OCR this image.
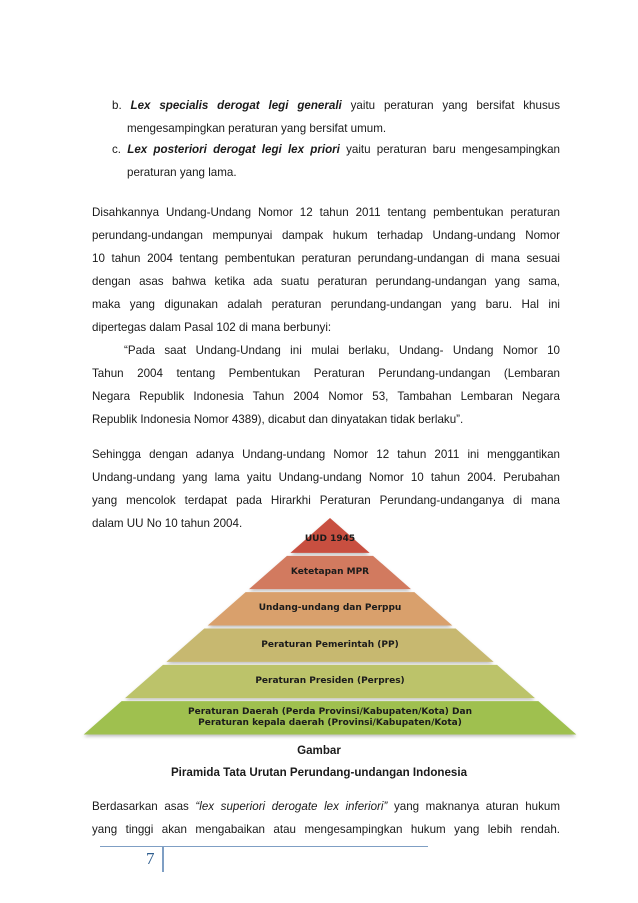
b. Lex specialis derogat legi generali yaitu peraturan yang bersifat khusus
mengesampingkan peraturan yang bersifat umum.
c. Lex posteriori derogat legi lex priori yaitu peraturan baru mengesampingkan
peraturan yang lama.
Disahkannya Undang-Undang Nomor 12 tahun 2011 tentang pembentukan peraturan
perundang-undangan mempunyai dampak hukum terhadap Undang-undang Nomor
10 tahun 2004 tentang pembentukan peraturan perundang-undangan di mana sesuai
dengan asas bahwa ketika ada suatu peraturan perundang-undangan yang sama,
maka yang digunakan adalah peraturan perundang-undangan yang baru. Hal ini
dipertegas dalam Pasal 102 di mana berbunyi:
“Pada saat Undang-Undang ini mulai berlaku, Undang- Undang Nomor 10
Tahun 2004 tentang Pembentukan Peraturan Perundang-undangan (Lembaran
Negara Republik Indonesia Tahun 2004 Nomor 53, Tambahan Lembaran Negara
Republik Indonesia Nomor 4389), dicabut dan dinyatakan tidak berlaku”.
Sehingga dengan adanya Undang-undang Nomor 12 tahun 2011 ini menggantikan
Undang-undang yang lama yaitu Undang-undang Nomor 10 tahun 2004. Perubahan
yang mencolok terdapat pada Hirarkhi Peraturan Perundang-undanganya di mana
dalam UU No 10 tahun 2004.
UUD 1945
Ketetapan MPR
Undang-undang dan Perppu
Peraturan Pemerintah (PP)
Peraturan Presiden (Perpres)
Peraturan Daerah (Perda Provinsi/Kabupaten/Kota) Dan
Peraturan kepala daerah (Provinsi/Kabupaten/Kota)
Gambar
Piramida Tata Urutan Perundang-undangan Indonesia
Berdasarkan asas “lex superiori derogate lex inferiori” yang maknanya aturan hukum
yang tinggi akan mengabaikan atau mengesampingkan hukum yang lebih rendah.
7
